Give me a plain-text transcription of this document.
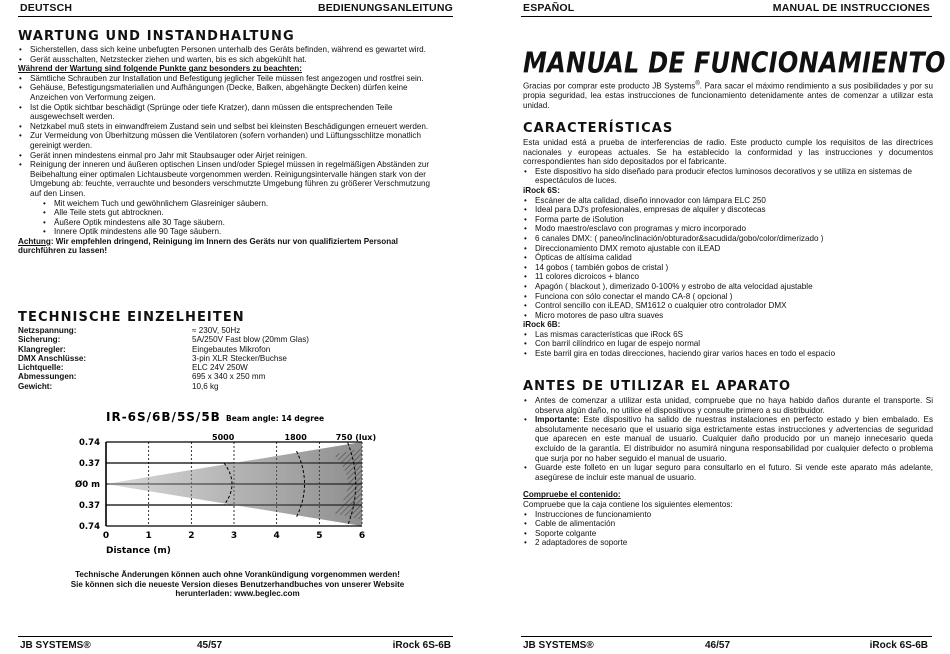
DEUTSCH	BEDIENUNGSANLEITUNG
WARTUNG UND INSTANDHALTUNG
• Sicherstellen, dass sich keine unbefugten Personen unterhalb des Geräts befinden, während es gewartet wird.
• Gerät ausschalten, Netzstecker ziehen und warten, bis es sich abgekühlt hat.
Während der Wartung sind folgende Punkte ganz besonders zu beachten:
• Sämtliche Schrauben zur Installation und Befestigung jeglicher Teile müssen fest angezogen und rostfrei sein.
• Gehäuse, Befestigungsmaterialien und Aufhängungen (Decke, Balken, abgehängte Decken) dürfen keine Anzeichen von Verformung zeigen.
• Ist die Optik sichtbar beschädigt (Sprünge oder tiefe Kratzer), dann müssen die entsprechenden Teile ausgewechselt werden.
• Netzkabel muß stets in einwandfreiem Zustand sein und selbst bei kleinsten Beschädigungen erneuert werden.
• Zur Vermeidung von Überhitzung müssen die Ventilatoren (sofern vorhanden) und Lüftungsschlitze monatlich gereinigt werden.
• Gerät innen mindestens einmal pro Jahr mit Staubsauger oder Airjet reinigen.
• Reinigung der inneren und äußeren optischen Linsen und/oder Spiegel müssen in regelmäßigen Abständen zur Beibehaltung einer optimalen Lichtausbeute vorgenommen werden. Reinigungsintervalle hängen stark von der Umgebung ab: feuchte, verrauchte und besonders verschmutzte Umgebung führen zu größerer Verschmutzung auf den Linsen.
• Mit weichem Tuch und gewöhnlichem Glasreiniger säubern.
• Alle Teile stets gut abtrocknen.
• Äußere Optik mindestens alle 30 Tage säubern.
• Innere Optik mindestens alle 90 Tage säubern.
Achtung: Wir empfehlen dringend, Reinigung im Innern des Geräts nur von qualifiziertem Personal durchführen zu lassen!
TECHNISCHE EINZELHEITEN
Netzspannung:	≈ 230V, 50Hz
Sicherung:	5A/250V Fast blow (20mm Glas)
Klangregler:	Eingebautes Mikrofon
DMX Anschlüsse:	3-pin XLR Stecker/Buchse
Lichtquelle:	ELC 24V 250W
Abmessungen:	695 x 340 x 250 mm
Gewicht:	10,6 kg
IR-6S/6B/5S/5B Beam angle: 14 degree
5000	1800	750 (lux)
0.74
0.37
Ø0 m
0.37
0.74
0	1	2	3	4	5	6
Distance (m)
Technische Änderungen können auch ohne Vorankündigung vorgenommen werden!
Sie können sich die neueste Version dieses Benutzerhandbuches von unserer Website
herunterladen: www.beglec.com
JB SYSTEMS®	45/57	iRock 6S-6B
ESPAÑOL	MANUAL DE INSTRUCCIONES
MANUAL DE FUNCIONAMIENTO
Gracias por comprar este producto JB Systems®. Para sacar el máximo rendimiento a sus posibilidades y por su propia seguridad, lea estas instrucciones de funcionamiento detenidamente antes de comenzar a utilizar esta unidad.
CARACTERÍSTICAS
Esta unidad está a prueba de interferencias de radio. Este producto cumple los requisitos de las directrices nacionales y europeas actuales. Se ha establecido la conformidad y las instrucciones y documentos correspondientes han sido depositados por el fabricante.
• Este dispositivo ha sido diseñado para producir efectos luminosos decorativos y se utiliza en sistemas de espectáculos de luces.
iRock 6S:
• Escáner de alta calidad, diseño innovador con lámpara ELC 250
• Ideal para DJ's profesionales, empresas de alquiler y discotecas
• Forma parte de iSolution
• Modo maestro/esclavo con programas y micro incorporado
• 6 canales DMX: ( paneo/inclinación/obturador&sacudida/gobo/color/dimerizado )
• Direccionamiento DMX remoto ajustable con iLEAD
• Ópticas de altísima calidad
• 14 gobos ( también gobos de cristal )
• 11 colores dicroicos + blanco
• Apagón ( blackout ), dimerizado 0-100% y estrobo de alta velocidad ajustable
• Funciona con sólo conectar el mando CA-8 ( opcional )
• Control sencillo con iLEAD, SM1612 o cualquier otro controlador DMX
• Micro motores de paso ultra suaves
iRock 6B:
• Las mismas características que iRock 6S
• Con barril cilíndrico en lugar de espejo normal
• Este barril gira en todas direcciones, haciendo girar varios haces en todo el espacio
ANTES DE UTILIZAR EL APARATO
• Antes de comenzar a utilizar esta unidad, compruebe que no haya habido daños durante el transporte. Si observa algún daño, no utilice el dispositivos y consulte primero a su distribuidor.
• Importante: Este dispositivo ha salido de nuestras instalaciones en perfecto estado y bien embalado. Es absolutamente necesario que el usuario siga estrictamente estas instrucciones y advertencias de seguridad que aparecen en este manual de usuario. Cualquier daño producido por un manejo innecesario queda excluido de la garantía. El distribuidor no asumirá ninguna responsabilidad por cualquier defecto o problema que surja por no haber seguido el manual de usuario.
• Guarde este folleto en un lugar seguro para consultarlo en el futuro. Si vende este aparato más adelante, asegúrese de incluir este manual de usuario.
Compruebe el contenido:
Compruebe que la caja contiene los siguientes elementos:
• Instrucciones de funcionamiento
• Cable de alimentación
• Soporte colgante
• 2 adaptadores de soporte
JB SYSTEMS®	46/57	iRock 6S-6B
